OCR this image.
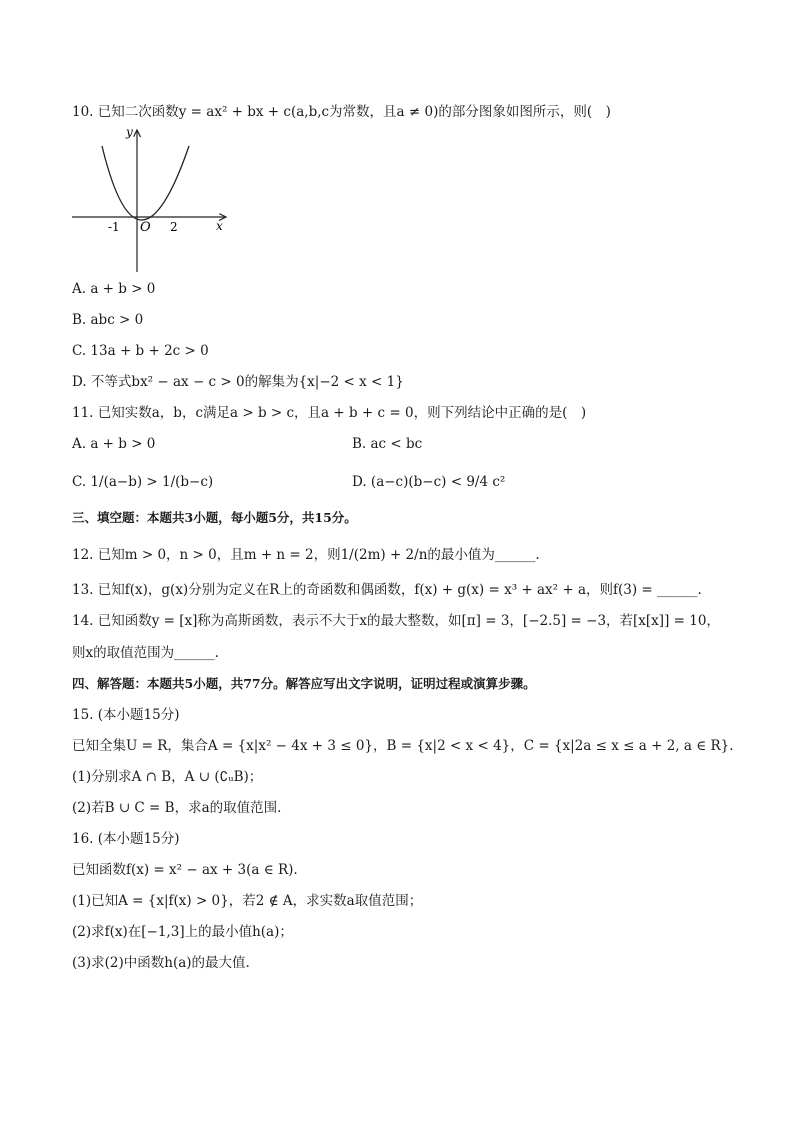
10. 已知二次函数y = ax² + bx + c(a,b,c为常数，且a ≠ 0)的部分图象如图所示，则(　)
y
x
O
-1	2
A. a + b > 0
B. abc > 0
C. 13a + b + 2c > 0
D. 不等式bx² − ax − c > 0的解集为{x|−2 < x < 1}
11. 已知实数a，b，c满足a > b > c，且a + b + c = 0，则下列结论中正确的是(　)
A. a + b > 0	B. ac < bc
C. 1/(a−b) > 1/(b−c)	D. (a−c)(b−c) < 9/4 c²
三、填空题：本题共3小题，每小题5分，共15分。
12. 已知m > 0，n > 0，且m + n = 2，则1/(2m) + 2/n的最小值为______.
13. 已知f(x)，g(x)分别为定义在R上的奇函数和偶函数，f(x) + g(x) = x³ + ax² + a，则f(3) = ______.
14. 已知函数y = [x]称为高斯函数，表示不大于x的最大整数，如[π] = 3，[−2.5] = −3，若[x[x]] = 10，
则x的取值范围为______.
四、解答题：本题共5小题，共77分。解答应写出文字说明，证明过程或演算步骤。
15. (本小题15分)
已知全集U = R，集合A = {x|x² − 4x + 3 ≤ 0}，B = {x|2 < x < 4}，C = {x|2a ≤ x ≤ a + 2, a ∈ R}.
(1)分别求A ∩ B，A ∪ (∁ᵤB)；
(2)若B ∪ C = B，求a的取值范围.
16. (本小题15分)
已知函数f(x) = x² − ax + 3(a ∈ R).
(1)已知A = {x|f(x) > 0}，若2 ∉ A，求实数a取值范围；
(2)求f(x)在[−1,3]上的最小值h(a)；
(3)求(2)中函数h(a)的最大值.
